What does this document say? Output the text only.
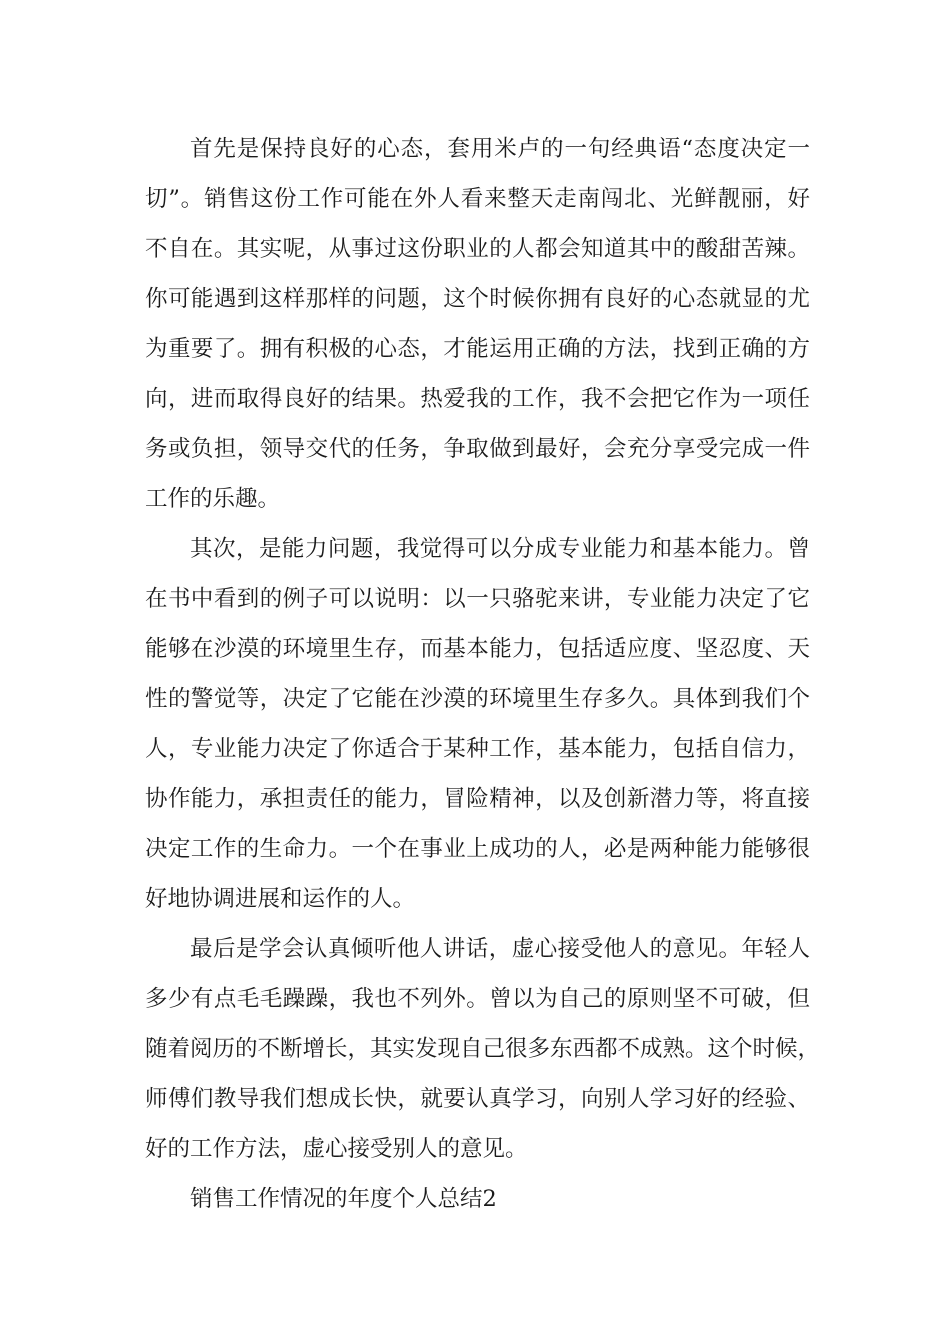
首先是保持良好的心态，套用米卢的一句经典语“态度决定一
切”。销售这份工作可能在外人看来整天走南闯北、光鲜靓丽，好
不自在。其实呢，从事过这份职业的人都会知道其中的酸甜苦辣。
你可能遇到这样那样的问题，这个时候你拥有良好的心态就显的尤
为重要了。拥有积极的心态，才能运用正确的方法，找到正确的方
向，进而取得良好的结果。热爱我的工作，我不会把它作为一项任
务或负担，领导交代的任务，争取做到最好，会充分享受完成一件
工作的乐趣。
其次，是能力问题，我觉得可以分成专业能力和基本能力。曾
在书中看到的例子可以说明：以一只骆驼来讲，专业能力决定了它
能够在沙漠的环境里生存，而基本能力，包括适应度、坚忍度、天
性的警觉等，决定了它能在沙漠的环境里生存多久。具体到我们个
人，专业能力决定了你适合于某种工作，基本能力，包括自信力，
协作能力，承担责任的能力，冒险精神，以及创新潜力等，将直接
决定工作的生命力。一个在事业上成功的人，必是两种能力能够很
好地协调进展和运作的人。
最后是学会认真倾听他人讲话，虚心接受他人的意见。年轻人
多少有点毛毛躁躁，我也不列外。曾以为自己的原则坚不可破，但
随着阅历的不断增长，其实发现自己很多东西都不成熟。这个时候，
师傅们教导我们想成长快，就要认真学习，向别人学习好的经验、
好的工作方法，虚心接受别人的意见。
销售工作情况的年度个人总结2
